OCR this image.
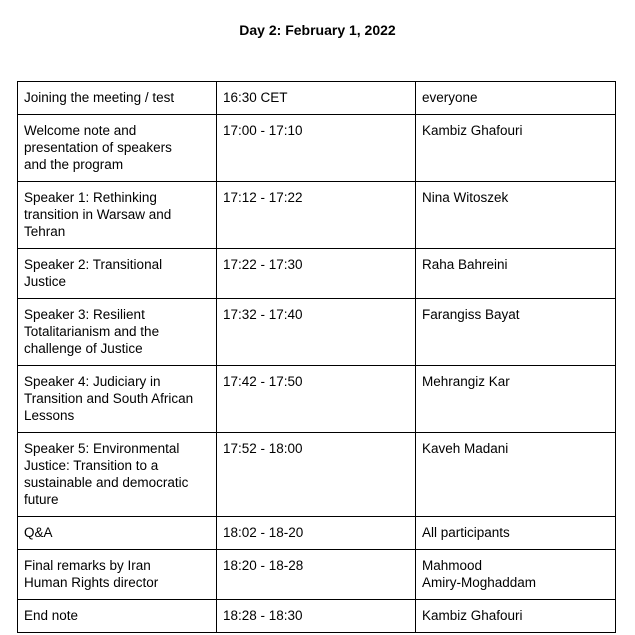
Day 2: February 1, 2022
Joining the meeting / test	16:30 CET	everyone

Welcome note and
presentation of speakers
and the program	17:00 - 17:10	Kambiz Ghafouri

Speaker 1: Rethinking
transition in Warsaw and
Tehran	17:12 - 17:22	Nina Witoszek

Speaker 2: Transitional
Justice	17:22 - 17:30	Raha Bahreini

Speaker 3: Resilient
Totalitarianism and the
challenge of Justice	17:32 - 17:40	Farangiss Bayat

Speaker 4: Judiciary in
Transition and South African
Lessons	17:42 - 17:50	Mehrangiz Kar

Speaker 5: Environmental
Justice: Transition to a
sustainable and democratic
future	17:52 - 18:00	Kaveh Madani

Q&A	18:02 - 18-20	All participants

Final remarks by Iran
Human Rights director	18:20 - 18-28	Mahmood
Amiry-Moghaddam

End note	18:28 - 18:30	Kambiz Ghafouri
